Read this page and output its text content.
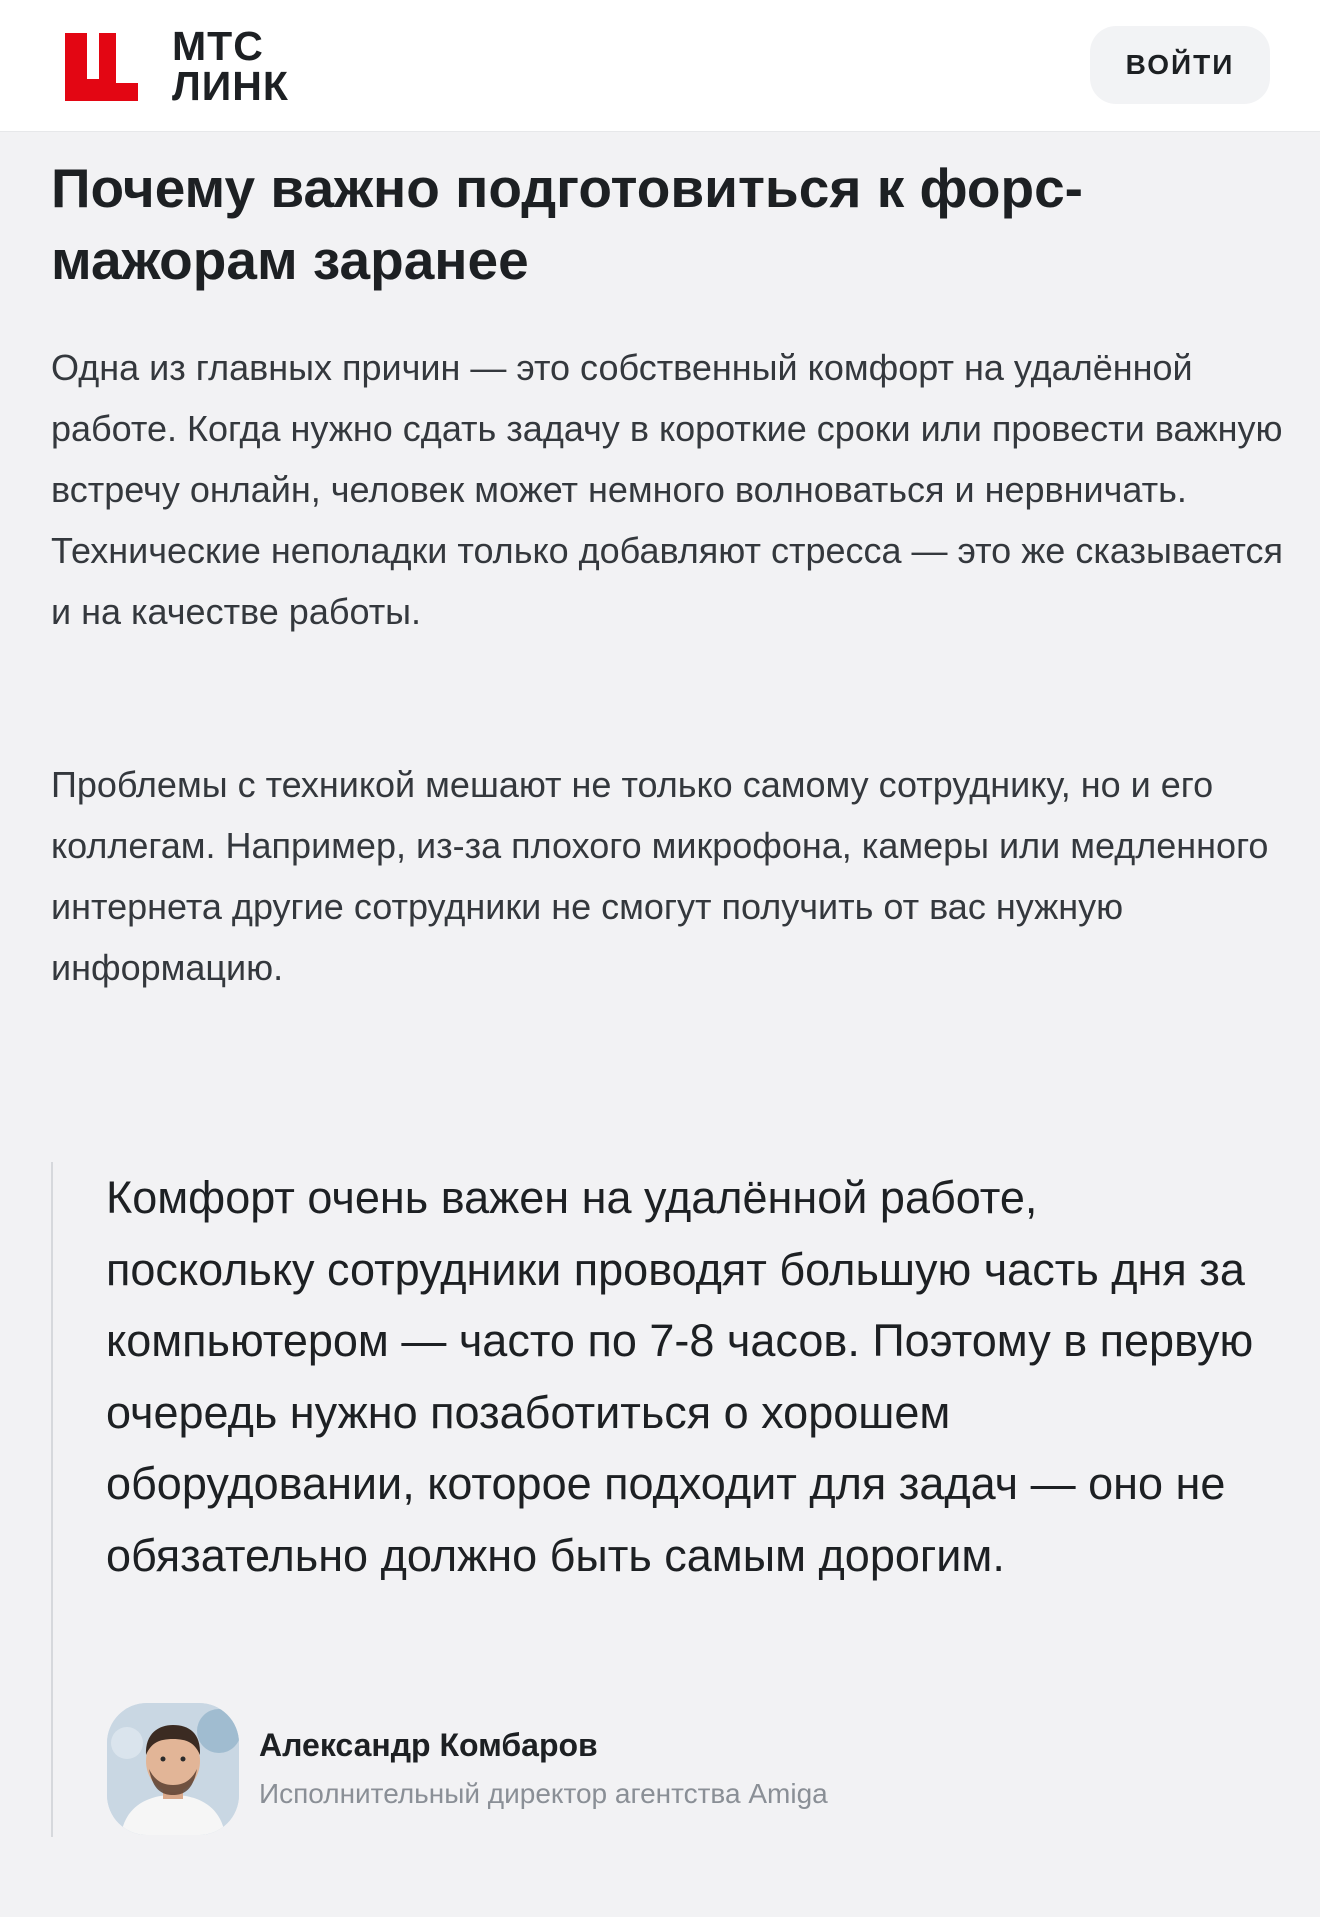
МТС
ЛИНК	ВОЙТИ
Почему важно подготовиться к форс-мажорам заранее

Одна из главных причин — это собственный комфорт на удалённой работе. Когда нужно сдать задачу в короткие сроки или провести важную встречу онлайн, человек может немного волноваться и нервничать. Технические неполадки только добавляют стресса — это же сказывается и на качестве работы.

Проблемы с техникой мешают не только самому сотруднику, но и его коллегам. Например, из-за плохого микрофона, камеры или медленного интернета другие сотрудники не смогут получить от вас нужную информацию.

Комфорт очень важен на удалённой работе, поскольку сотрудники проводят большую часть дня за компьютером — часто по 7-8 часов. Поэтому в первую очередь нужно позаботиться о хорошем оборудовании, которое подходит для задач — оно не обязательно должно быть самым дорогим.

Александр Комбаров
Исполнительный директор агентства Amiga
